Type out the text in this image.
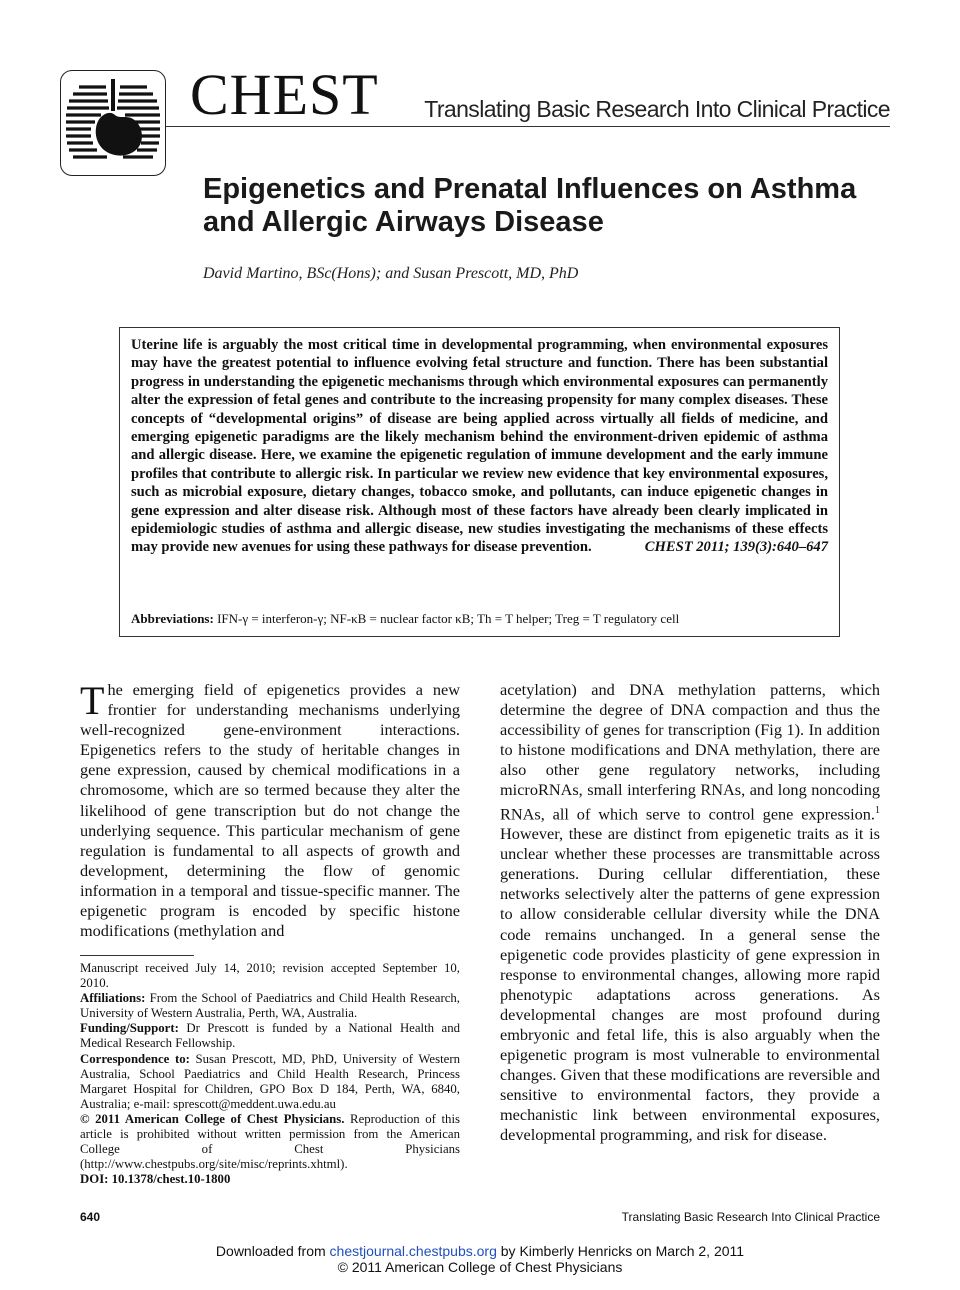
CHEST Translating Basic Research Into Clinical Practice
Epigenetics and Prenatal Influences on Asthma and Allergic Airways Disease
David Martino, BSc(Hons); and Susan Prescott, MD, PhD
Uterine life is arguably the most critical time in developmental programming, when environmental exposures may have the greatest potential to influence evolving fetal structure and function. There has been substantial progress in understanding the epigenetic mechanisms through which environmental exposures can permanently alter the expression of fetal genes and contribute to the increasing propensity for many complex diseases. These concepts of “developmental origins” of disease are being applied across virtually all fields of medicine, and emerging epigenetic paradigms are the likely mechanism behind the environment-driven epidemic of asthma and allergic disease. Here, we examine the epigenetic regulation of immune development and the early immune profiles that contribute to allergic risk. In particular we review new evidence that key environmental exposures, such as microbial exposure, dietary changes, tobacco smoke, and pollutants, can induce epigenetic changes in gene expression and alter disease risk. Although most of these factors have already been clearly implicated in epidemiologic studies of asthma and allergic disease, new studies investigating the mechanisms of these effects may provide new avenues for using these pathways for disease prevention.	CHEST 2011; 139(3):640–647
Abbreviations: IFN-γ = interferon-γ; NF-κB = nuclear factor κB; Th = T helper; Treg = T regulatory cell
The emerging field of epigenetics provides a new frontier for understanding mechanisms underlying well-recognized gene-environment interactions. Epigenetics refers to the study of heritable changes in gene expression, caused by chemical modifications in a chromosome, which are so termed because they alter the likelihood of gene transcription but do not change the underlying sequence. This particular mechanism of gene regulation is fundamental to all aspects of growth and development, determining the flow of genomic information in a temporal and tissue-specific manner. The epigenetic program is encoded by specific histone modifications (methylation and
Manuscript received July 14, 2010; revision accepted September 10, 2010.
Affiliations: From the School of Paediatrics and Child Health Research, University of Western Australia, Perth, WA, Australia.
Funding/Support: Dr Prescott is funded by a National Health and Medical Research Fellowship.
Correspondence to: Susan Prescott, MD, PhD, University of Western Australia, School Paediatrics and Child Health Research, Princess Margaret Hospital for Children, GPO Box D 184, Perth, WA, 6840, Australia; e-mail: sprescott@meddent.uwa.edu.au
© 2011 American College of Chest Physicians. Reproduction of this article is prohibited without written permission from the American College of Chest Physicians (http://www.chestpubs.org/site/misc/reprints.xhtml).
DOI: 10.1378/chest.10-1800
acetylation) and DNA methylation patterns, which determine the degree of DNA compaction and thus the accessibility of genes for transcription (Fig 1). In addition to histone modifications and DNA methylation, there are also other gene regulatory networks, including microRNAs, small interfering RNAs, and long noncoding RNAs, all of which serve to control gene expression.$^1$ However, these are distinct from epigenetic traits as it is unclear whether these processes are transmittable across generations. During cellular differentiation, these networks selectively alter the patterns of gene expression to allow considerable cellular diversity while the DNA code remains unchanged. In a general sense the epigenetic code provides plasticity of gene expression in response to environmental changes, allowing more rapid phenotypic adaptations across generations. As developmental changes are most profound during embryonic and fetal life, this is also arguably when the epigenetic program is most vulnerable to environmental changes. Given that these modifications are reversible and sensitive to environmental factors, they provide a mechanistic link between environmental exposures, developmental programming, and risk for disease.
640	Translating Basic Research Into Clinical Practice
Downloaded from chestjournal.chestpubs.org by Kimberly Henricks on March 2, 2011
© 2011 American College of Chest Physicians
